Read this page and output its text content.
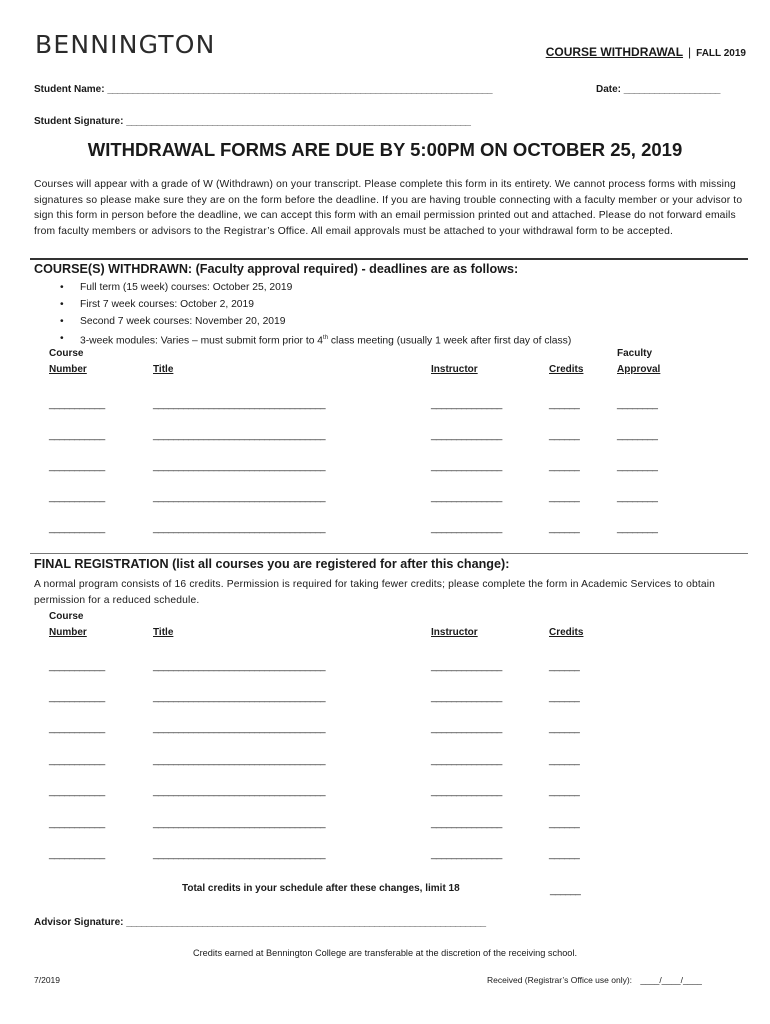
BENNINGTON	COURSE WITHDRAWAL | FALL 2019
Student Name: ____________________________________________________________________________	Date: ___________________
Student Signature: ____________________________________________________________________
WITHDRAWAL FORMS ARE DUE BY 5:00PM ON OCTOBER 25, 2019
Courses will appear with a grade of W (Withdrawn) on your transcript. Please complete this form in its entirety. We cannot process forms with missing signatures so please make sure they are on the form before the deadline. If you are having trouble connecting with a faculty member or your advisor to sign this form in person before the deadline, we can accept this form with an email permission printed out and attached. Please do not forward emails from faculty members or advisors to the Registrar’s Office. All email approvals must be attached to your withdrawal form to be accepted.
COURSE(S) WITHDRAWN: (Faculty approval required) - deadlines are as follows:
• Full term (15 week) courses: October 25, 2019
• First 7 week courses: October 2, 2019
• Second 7 week courses: November 20, 2019
• 3-week modules: Varies – must submit form prior to 4th class meeting (usually 1 week after first day of class)
Course	Faculty
Number	Title	Instructor	Credits	Approval
___________	__________________________________	______________	______	________
___________	__________________________________	______________	______	________
___________	__________________________________	______________	______	________
___________	__________________________________	______________	______	________
___________	__________________________________	______________	______	________
FINAL REGISTRATION (list all courses you are registered for after this change):
A normal program consists of 16 credits. Permission is required for taking fewer credits; please complete the form in Academic Services to obtain permission for a reduced schedule.
Course
Number	Title	Instructor	Credits
___________	__________________________________	______________	______
___________	__________________________________	______________	______
___________	__________________________________	______________	______
___________	__________________________________	______________	______
___________	__________________________________	______________	______
___________	__________________________________	______________	______
___________	__________________________________	______________	______
Total credits in your schedule after these changes, limit 18	______
Advisor Signature: _______________________________________________________________________
Credits earned at Bennington College are transferable at the discretion of the receiving school.
7/2019	Received (Registrar’s Office use only): ____/____/____
